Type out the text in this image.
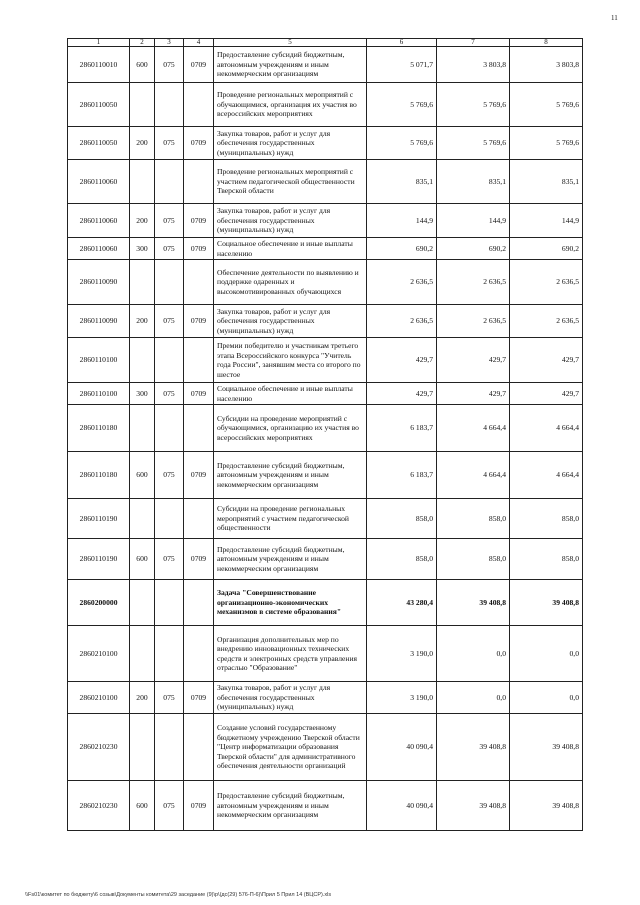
11
1	2	3	4	5	6	7	8
2860110010	600	075	0709	Предоставление субсидий бюджетным, автономным учреждениям и иным некоммерческим организациям	5 071,7	3 803,8	3 803,8
2860110050				Проведение региональных мероприятий с обучающимися, организация их участия во всероссийских мероприятиях	5 769,6	5 769,6	5 769,6
2860110050	200	075	0709	Закупка товаров, работ и услуг для обеспечения государственных (муниципальных) нужд	5 769,6	5 769,6	5 769,6
2860110060				Проведение региональных мероприятий с участием педагогической общественности Тверской области	835,1	835,1	835,1
2860110060	200	075	0709	Закупка товаров, работ и услуг для обеспечения государственных (муниципальных) нужд	144,9	144,9	144,9
2860110060	300	075	0709	Социальное обеспечение и иные выплаты населению	690,2	690,2	690,2
2860110090				Обеспечение деятельности по выявлению и поддержке одаренных и высокомотивированных обучающихся	2 636,5	2 636,5	2 636,5
2860110090	200	075	0709	Закупка товаров, работ и услуг для обеспечения государственных (муниципальных) нужд	2 636,5	2 636,5	2 636,5
2860110100				Премии победителю и участникам третьего этапа Всероссийского конкурса "Учитель года России", занявшим места со второго по шестое	429,7	429,7	429,7
2860110100	300	075	0709	Социальное обеспечение и иные выплаты населению	429,7	429,7	429,7
2860110180				Субсидии на проведение мероприятий с обучающимися, организацию их участия во всероссийских мероприятиях	6 183,7	4 664,4	4 664,4
2860110180	600	075	0709	Предоставление субсидий бюджетным, автономным учреждениям и иным некоммерческим организациям	6 183,7	4 664,4	4 664,4
2860110190				Субсидии на проведение региональных мероприятий с участием педагогической общественности	858,0	858,0	858,0
2860110190	600	075	0709	Предоставление субсидий бюджетным, автономным учреждениям и иным некоммерческим организациям	858,0	858,0	858,0
2860200000				Задача "Совершенствование организационно-экономических механизмов в системе образования"	43 280,4	39 408,8	39 408,8
2860210100				Организация дополнительных мер по внедрению инновационных технических средств и электронных средств управления отраслью "Образование"	3 190,0	0,0	0,0
2860210100	200	075	0709	Закупка товаров, работ и услуг для обеспечения государственных (муниципальных) нужд	3 190,0	0,0	0,0
2860210230				Создание условий государственному бюджетному учреждению Тверской области "Центр информатизации образования Тверской области" для административного обеспечения деятельности организаций	40 090,4	39 408,8	39 408,8
2860210230	600	075	0709	Предоставление субсидий бюджетным, автономным учреждениям и иным некоммерческим организациям	40 090,4	39 408,8	39 408,8
\\Fs01\комитет по бюджету\6 созыв\Документы комитета\29 заседание (9)\р\(дс(29) 576-П-6)\Прил 5 Прил 14 (ВЦСР).xls
